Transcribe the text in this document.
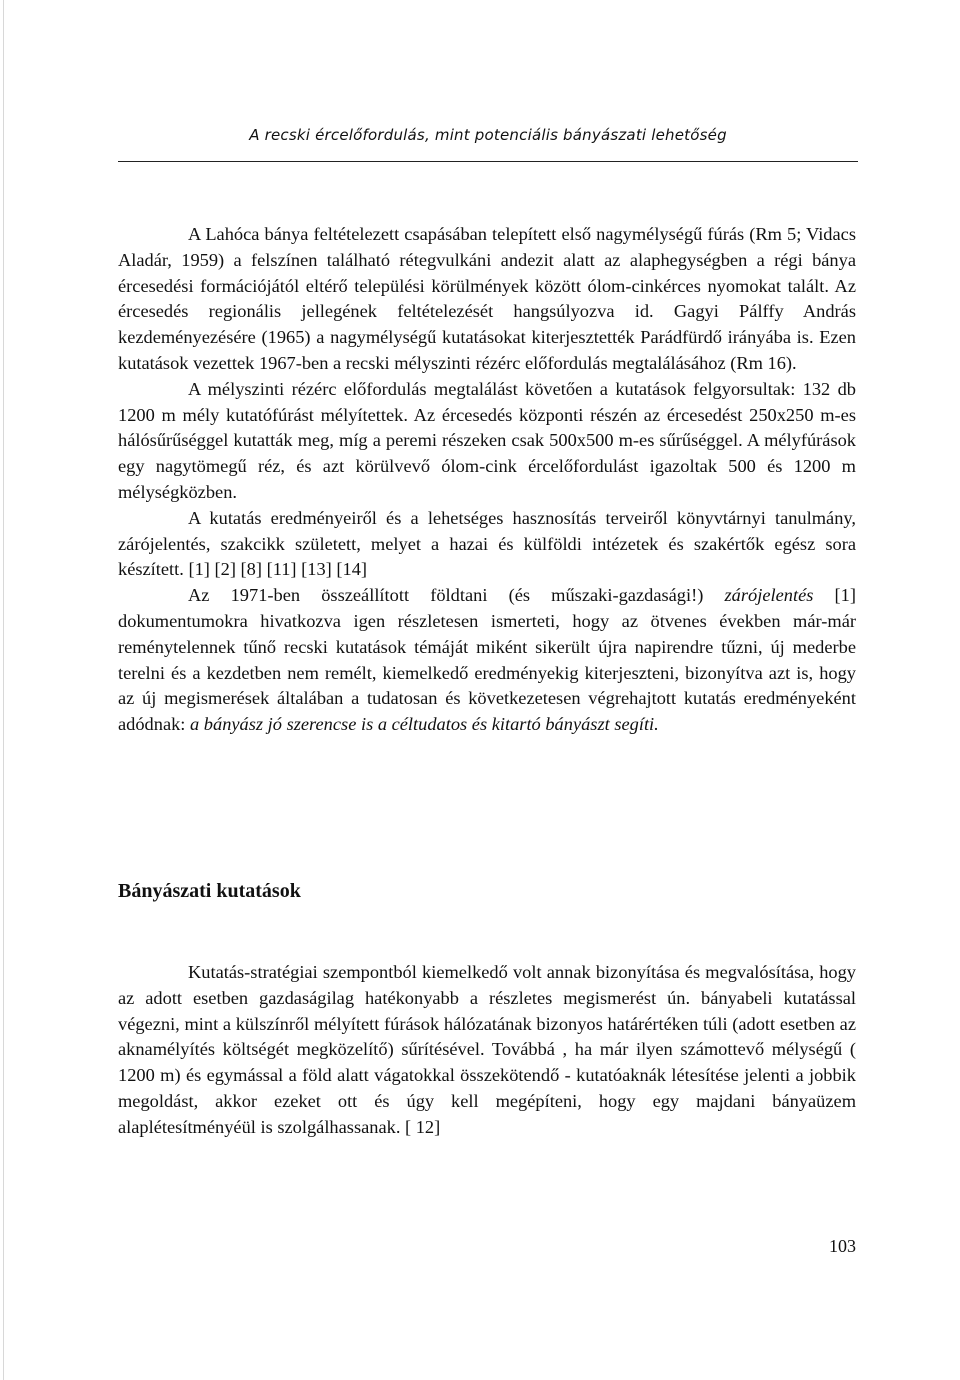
A recski ércelőfordulás, mint potenciális bányászati lehetőség

A Lahóca bánya feltételezett csapásában telepített első nagymélységű fúrás (Rm 5; Vidacs Aladár, 1959) a felszínen található rétegvulkáni andezit alatt az alaphegységben a régi bánya ércesedési formációjától eltérő települési körülmények között ólom-cinkérces nyomokat talált. Az ércesedés regionális jellegének feltételezését hangsúlyozva id. Gagyi Pálffy András kezdeményezésére (1965) a nagymélységű kutatásokat kiterjesztették Parádfürdő irányába is. Ezen kutatások vezettek 1967-ben a recski mélyszinti rézérc előfordulás megtalálásához (Rm 16).

A mélyszinti rézérc előfordulás megtalálást követően a kutatások felgyorsultak: 132 db 1200 m mély kutatófúrást mélyítettek. Az ércesedés központi részén az ércesedést 250x250 m-es hálósűrűséggel kutatták meg, míg a peremi részeken csak 500x500 m-es sűrűséggel. A mélyfúrások egy nagytömegű réz, és azt körülvevő ólom-cink ércelőfordulást igazoltak 500 és 1200 m mélységközben.

A kutatás eredményeiről és a lehetséges hasznosítás terveiről könyvtárnyi tanulmány, zárójelentés, szakcikk született, melyet a hazai és külföldi intézetek és szakértők egész sora készített. [1] [2] [8] [11] [13] [14]

Az 1971-ben összeállított földtani (és műszaki-gazdasági!) zárójelentés [1] dokumentumokra hivatkozva igen részletesen ismerteti, hogy az ötvenes években már-már reménytelennek tűnő recski kutatások témáját miként sikerült újra napirendre tűzni, új mederbe terelni és a kezdetben nem remélt, kiemelkedő eredményekig kiterjeszteni, bizonyítva azt is, hogy az új megismerések általában a tudatosan és következetesen végrehajtott kutatás eredményeként adódnak: a bányász jó szerencse is a céltudatos és kitartó bányászt segíti.

Bányászati kutatások

Kutatás-stratégiai szempontból kiemelkedő volt annak bizonyítása és megvalósítása, hogy az adott esetben gazdaságilag hatékonyabb a részletes megismerést ún. bányabeli kutatással végezni, mint a külszínről mélyített fúrások hálózatának bizonyos határértéken túli (adott esetben az aknamélyítés költségét megközelítő) sűrítésével. Továbbá , ha már ilyen számottevő mélységű ( 1200 m) és egymással a föld alatt vágatokkal összekötendő - kutatóaknák létesítése jelenti a jobbik megoldást, akkor ezeket ott és úgy kell megépíteni, hogy egy majdani bányaüzem alaplétesítményéül is szolgálhassanak. [ 12]

103
